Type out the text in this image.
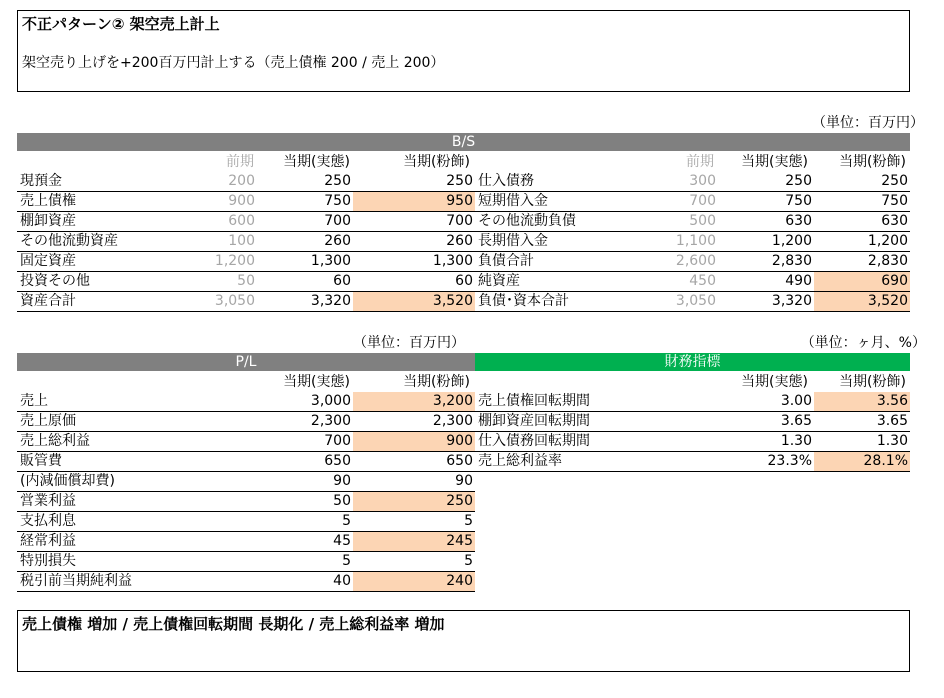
不正パターン② 架空売上計上
架空売り上げを+200百万円計上する（売上債権 200 / 売上 200）
（単位：百万円）
B/S
前期	当期(実態)	当期(粉飾)	前期	当期(実態)	当期(粉飾)
現預金	200	250	250
売上債権	900	750	950
棚卸資産	600	700	700
その他流動資産	100	260	260
固定資産	1,200	1,300	1,300
投資その他	50	60	60
資産合計	3,050	3,320	3,520
仕入債務	300	250	250
短期借入金	700	750	750
その他流動負債	500	630	630
長期借入金	1,100	1,200	1,200
負債合計	2,600	2,830	2,830
純資産	450	490	690
負債･資本合計	3,050	3,320	3,520
（単位：百万円）	（単位：ヶ月、%）
P/L	財務指標
当期(実態)	当期(粉飾)	当期(実態)	当期(粉飾)
売上	3,000	3,200
売上原価	2,300	2,300
売上総利益	700	900
販管費	650	650
(内減価償却費)	90	90
営業利益	50	250
支払利息	5	5
経常利益	45	245
特別損失	5	5
税引前当期純利益	40	240
売上債権回転期間	3.00	3.56
棚卸資産回転期間	3.65	3.65
仕入債務回転期間	1.30	1.30
売上総利益率	23.3%	28.1%
売上債権 増加 / 売上債権回転期間 長期化 / 売上総利益率 増加
